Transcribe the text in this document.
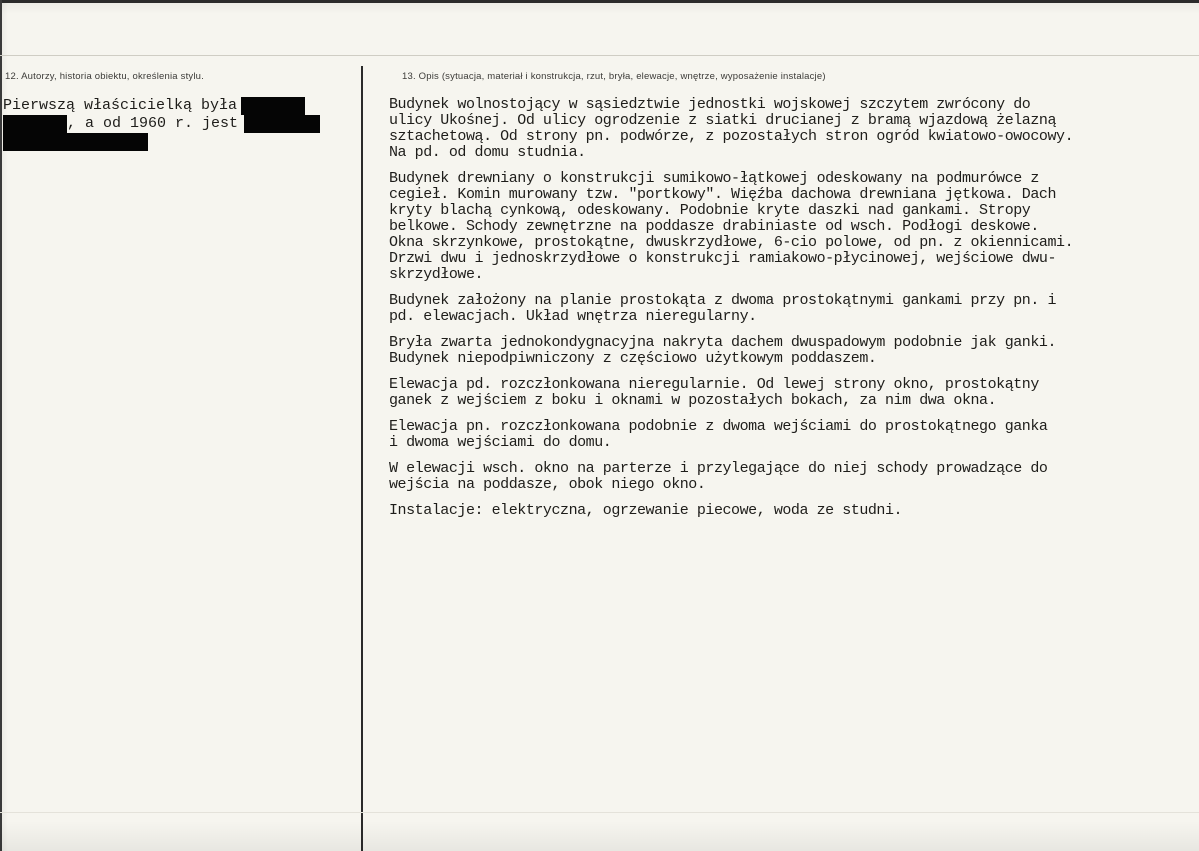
12. Autorzy, historia obiektu, określenia stylu.	13. Opis (sytuacja, materiał i konstrukcja, rzut, bryła, elewacje, wnętrze, wyposażenie instalacje)
Pierwszą właścicielką była
, a od 1960 r. jest
Budynek wolnostojący w sąsiedztwie jednostki wojskowej szczytem zwrócony do
ulicy Ukośnej. Od ulicy ogrodzenie z siatki drucianej z bramą wjazdową żelazną
sztachetową. Od strony pn. podwórze, z pozostałych stron ogród kwiatowo-owocowy.
Na pd. od domu studnia.
Budynek drewniany o konstrukcji sumikowo-łątkowej odeskowany na podmurówce z
cegieł. Komin murowany tzw. "portkowy". Więźba dachowa drewniana jętkowa. Dach
kryty blachą cynkową, odeskowany. Podobnie kryte daszki nad gankami. Stropy
belkowe. Schody zewnętrzne na poddasze drabiniaste od wsch. Podłogi deskowe.
Okna skrzynkowe, prostokątne, dwuskrzydłowe, 6-cio polowe, od pn. z okiennicami.
Drzwi dwu i jednoskrzydłowe o konstrukcji ramiakowo-płycinowej, wejściowe dwu-
skrzydłowe.
Budynek założony na planie prostokąta z dwoma prostokątnymi gankami przy pn. i
pd. elewacjach. Układ wnętrza nieregularny.
Bryła zwarta jednokondygnacyjna nakryta dachem dwuspadowym podobnie jak ganki.
Budynek niepodpiwniczony z częściowo użytkowym poddaszem.
Elewacja pd. rozczłonkowana nieregularnie. Od lewej strony okno, prostokątny
ganek z wejściem z boku i oknami w pozostałych bokach, za nim dwa okna.
Elewacja pn. rozczłonkowana podobnie z dwoma wejściami do prostokątnego ganka
i dwoma wejściami do domu.
W elewacji wsch. okno na parterze i przylegające do niej schody prowadzące do
wejścia na poddasze, obok niego okno.
Instalacje: elektryczna, ogrzewanie piecowe, woda ze studni.
